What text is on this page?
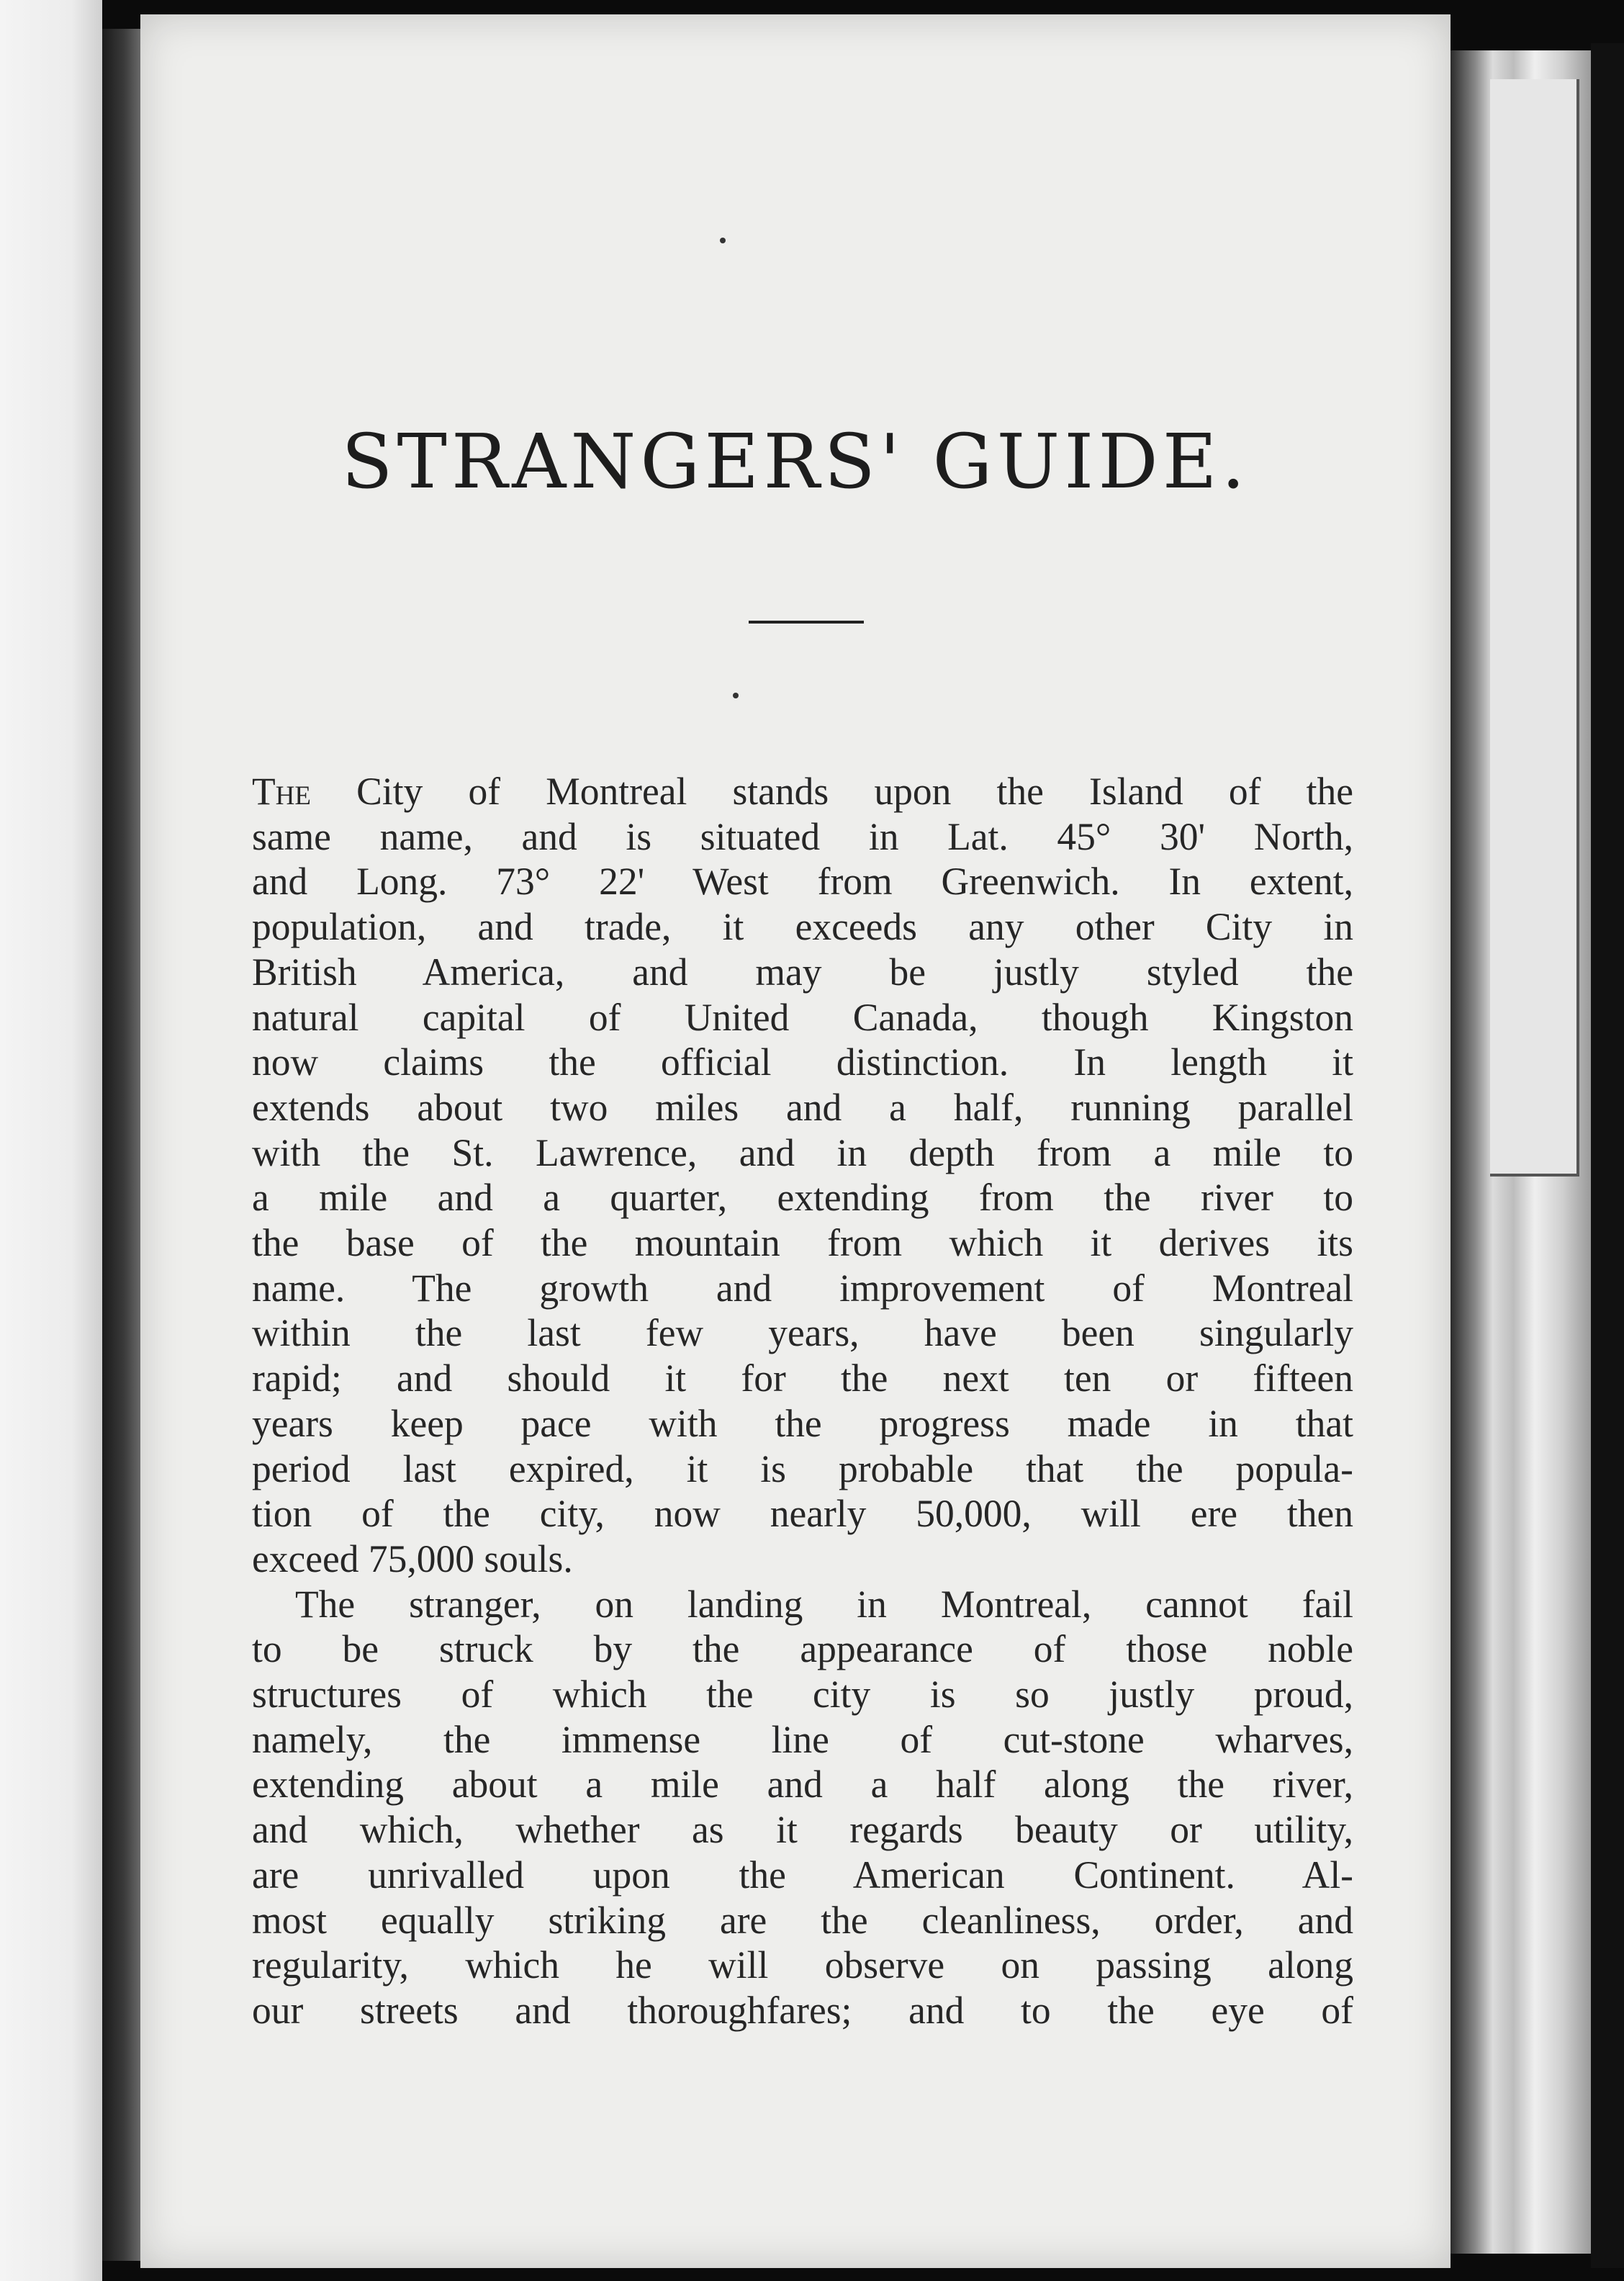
STRANGERS' GUIDE.
The City of Montreal stands upon the Island of the
same name, and is situated in Lat. 45° 30' North,
and Long. 73° 22' West from Greenwich. In extent,
population, and trade, it exceeds any other City in
British America, and may be justly styled the
natural capital of United Canada, though Kingston
now claims the official distinction. In length it
extends about two miles and a half, running parallel
with the St. Lawrence, and in depth from a mile to
a mile and a quarter, extending from the river to
the base of the mountain from which it derives its
name. The growth and improvement of Montreal
within the last few years, have been singularly
rapid; and should it for the next ten or fifteen
years keep pace with the progress made in that
period last expired, it is probable that the popula-
tion of the city, now nearly 50,000, will ere then
exceed 75,000 souls.
The stranger, on landing in Montreal, cannot fail
to be struck by the appearance of those noble
structures of which the city is so justly proud,
namely, the immense line of cut-stone wharves,
extending about a mile and a half along the river,
and which, whether as it regards beauty or utility,
are unrivalled upon the American Continent. Al-
most equally striking are the cleanliness, order, and
regularity, which he will observe on passing along
our streets and thoroughfares; and to the eye of
